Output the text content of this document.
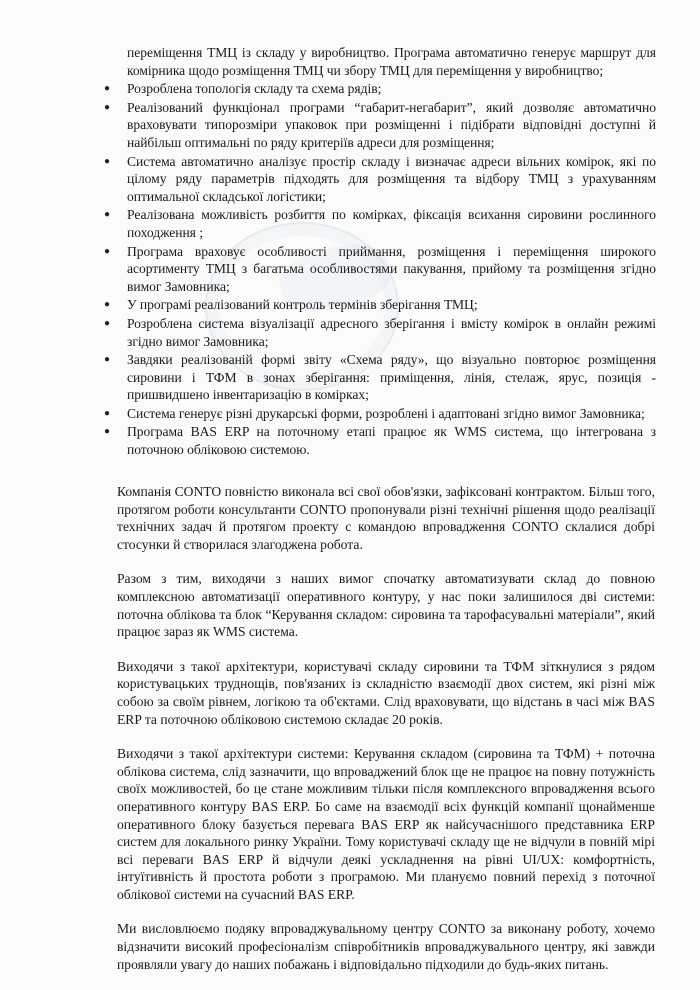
переміщення ТМЦ із складу у виробництво. Програма автоматично генерує маршрут для комірника щодо розміщення ТМЦ чи збору ТМЦ для переміщення у виробництво;

● Розроблена топологія складу та схема рядів;
● Реалізований функціонал програми “габарит-негабарит”, який дозволяє автоматично враховувати типорозміри упаковок при розміщенні і підібрати відповідні доступні й найбільш оптимальні по ряду критеріїв адреси для розміщення;
● Система автоматично аналізує простір складу і визначає адреси вільних комірок, які по цілому ряду параметрів підходять для розміщення та відбору ТМЦ з урахуванням оптимальної складської логістики;
● Реалізована можливість розбиття по комірках, фіксація всихання сировини рослинного походження ;
● Програма враховує особливості приймання, розміщення і переміщення широкого асортименту ТМЦ з багатьма особливостями пакування, прийому та розміщення згідно вимог Замовника;
● У програмі реалізований контроль термінів зберігання ТМЦ;
● Розроблена система візуалізації адресного зберігання і вмісту комірок в онлайн режимі згідно вимог Замовника;
● Завдяки реалізованій формі звіту «Схема ряду», що візуально повторює розміщення сировини і ТФМ в зонах зберігання: приміщення, лінія, стелаж, ярус, позиція - пришвидшено інвентаризацію в комірках;
● Система генерує різні друкарські форми, розроблені і адаптовані згідно вимог Замовника;
● Програма BAS ERP на поточному етапі працює як WMS система, що інтегрована з поточною обліковою системою.

Компанія CONTO повністю виконала всі свої обов'язки, зафіксовані контрактом. Більш того, протягом роботи консультанти CONTO пропонували різні технічні рішення щодо реалізації технічних задач й протягом проекту с командою впровадження CONTO склалися добрі стосунки й створилася злагоджена робота.

Разом з тим, виходячи з наших вимог спочатку автоматизувати склад до повною комплексною автоматизації оперативного контуру, у нас поки залишилося дві системи: поточна облікова та блок “Керування складом: сировина та тарофасувальні матеріали”, який працює зараз як WMS система.

Виходячи з такої архітектури, користувачі складу сировини та ТФМ зіткнулися з рядом користувацьких труднощів, пов'язаних із складністю взаємодії двох систем, які різні між собою за своїм рівнем, логікою та об'єктами. Слід враховувати, що відстань в часі між BAS ERP та поточною обліковою системою складає 20 років.

Виходячи з такої архітектури системи: Керування складом (сировина та ТФМ) + поточна облікова система, слід зазначити, що впроваджений блок ще не працює на повну потужність своїх можливостей, бо це стане можливим тільки після комплексного впровадження всього оперативного контуру BAS ERP. Бо саме на взаємодії всіх функцій компанії щонайменше оперативного блоку базується перевага BAS ERP як найсучаснішого представника ERP систем для локального ринку України. Тому користувачі складу ще не відчули в повній мірі всі переваги BAS ERP й відчули деякі ускладнення на рівні UI/UX: комфортність, інтуїтивність й простота роботи з програмою. Ми плануємо повний перехід з поточної облікової системи на сучасний BAS ERP.

Ми висловлюємо подяку впроваджувальному центру CONTO за виконану роботу, хочемо відзначити високий професіоналізм співробітників впроваджувального центру, які завжди проявляли увагу до наших побажань і відповідально підходили до будь-яких питань.
